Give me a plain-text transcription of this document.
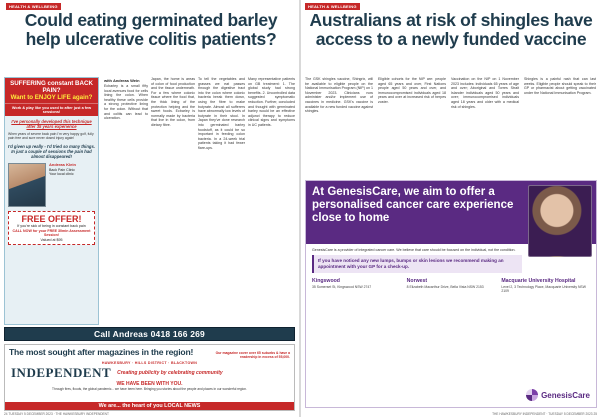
HEALTH & WELLBEING
Could eating germinated barley help ulcerative colitis patients?
with Andreas Wein
Ecbarley is a small fifty local avenues food for cells lining the colon. When healthy these cells provide a strong protective lining for the colon. Without that and colitis can lead to ulceration.
Japan, the home is areas of colon of food production and the tissue underneath. For a few where colonic tissue where the food that, the thick lining of the protection helping and the sweet foods. Ecbarley is normally made by bacteria that live in the colon, from dietary fibre.
To tell the vegetables and grasses we eat passes through the digestive tract into the colon where colonic bacteria break them down, using the fibre to make butyrate. Almost all sufferers have abnormally low levels of butyrate in their stool. In Japan they've done research into germinated barley foodstuff, as it could be so important in feeding colon bacteria. In a 24-week trial patients taking it had fewer flare-ups.
Many representative patients on GB treatment: 1. The global study had strong benefits. 2. Uncontrolled data suggested symptomatic reduction. Further, concluded and thought with germinated barley would be an effective adjunct therapy to reduce clinical signs and symptoms in UC patients.
SUFFERING constant BACK PAIN?
Want to ENJOY LIFE again?
Work & play like you used to after just a few sessions!
I've personally developed this technique after 35 years experience
When years of severe back pain I'm very happy golf, fully pain free and sure never dosed injury again!
I'd given up really - I'd tried so many things. In just a couple of sessions the pain had almost disappeared!
Andreas Klein
Back Pain Clinic
Your local clinic
FREE OFFER!
If you're sick of being in constant back pain
CALL NOW for your FREE 30min Assessment Session!
Valued at $95
Call Andreas 0418 166 269
The most sought after magazines in the region!	Our magazine cover over 65 suburbs & have a readership in excess of 55,000.
HAWKESBURY · HILLS DISTRICT · BLACKTOWN
INDEPENDENT Creating publicity by celebrating community
WE HAVE BEEN WITH YOU.
Through fires, floods, the global pandemic... we have been here. Bringing you stories about the people and places in our wonderful region.
We are... the heart of you LOCAL NEWS
HEALTH & WELLBEING
Australians at risk of shingles have access to a newly funded vaccine
The GSK shingles vaccine, Shingrix, will be available to eligible people on the National Immunisation Program (NIP) on 1 November 2023. Clinicians now administer and/or implement use of vaccines in medicine. GSK's vaccine is available for a new funded vaccine against shingles.
Eligible cohorts for the NIP are: people aged 65 years and over, First Nations people aged 50 years and over, and immunocompromised individuals aged 18 years and over at increased risk of herpes zoster.
Vaccination on the NIP on 1 November 2023 includes: individuals 65 years of age and over; Aboriginal and Torres Strait Islander individuals aged 50 years and over; immunocompromised individuals aged 18 years and older with a medical risk of shingles.
Shingles is a painful rash that can last weeks. Eligible people should speak to their GP or pharmacist about getting vaccinated under the National Immunisation Program.
At GenesisCare, we aim to offer a personalised cancer care experience close to home
GenesisCare is a provider of integrated cancer care. We believe that care should be focused on the individual, not the condition.
If you have noticed any new lumps, bumps or skin lesions we recommend making an appointment with your GP for a check-up.
Kingswood
35 Somerset St, Kingswood NSW 2747
Norwest
8 Elizabeth Macarthur Drive, Bella Vista NSW 2153
Macquarie University Hospital
Level 2, 3 Technology Place, Macquarie University NSW 2109
GenesisCare
THE HAWKESBURY INDEPENDENT · TUESDAY 5 DECEMBER 2023 25
24 TUESDAY 5 DECEMBER 2023 · THE HAWKESBURY INDEPENDENT
